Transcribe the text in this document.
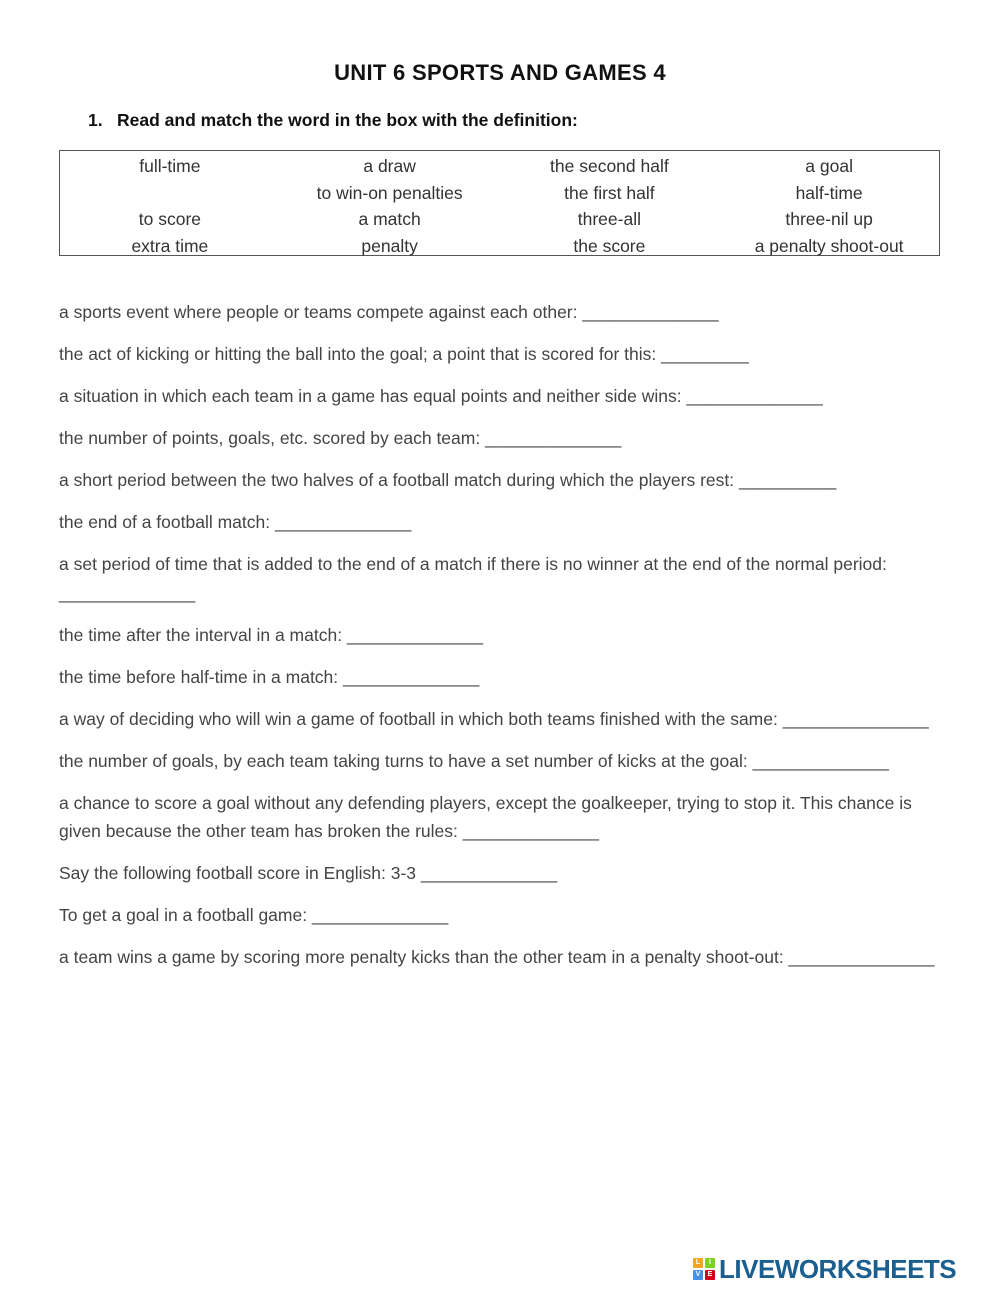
UNIT 6 SPORTS AND GAMES 4
1. Read and match the word in the box with the definition:
full-time	a draw	the second half	a goal
	to win-on penalties	the first half	half-time
to score	a match	three-all	three-nil up
extra time	penalty	the score	a penalty shoot-out

a sports event where people or teams compete against each other: ______________

the act of kicking or hitting the ball into the goal; a point that is scored for this: _________

a situation in which each team in a game has equal points and neither side wins: ______________

the number of points, goals, etc. scored by each team: ______________

a short period between the two halves of a football match during which the players rest: __________

the end of a football match: ______________

a set period of time that is added to the end of a match if there is no winner at the end of the normal period: ______________

the time after the interval in a match: ______________

the time before half-time in a match: ______________

a way of deciding who will win a game of football in which both teams finished with the same: _______________

the number of goals, by each team taking turns to have a set number of kicks at the goal: ______________

a chance to score a goal without any defending players, except the goalkeeper, trying to stop it. This chance is given because the other team has broken the rules: ______________

Say the following football score in English: 3-3 ______________

To get a goal in a football game: ______________

a team wins a game by scoring more penalty kicks than the other team in a penalty shoot-out: _______________

L	I
V	E LIVEWORKSHEETS
